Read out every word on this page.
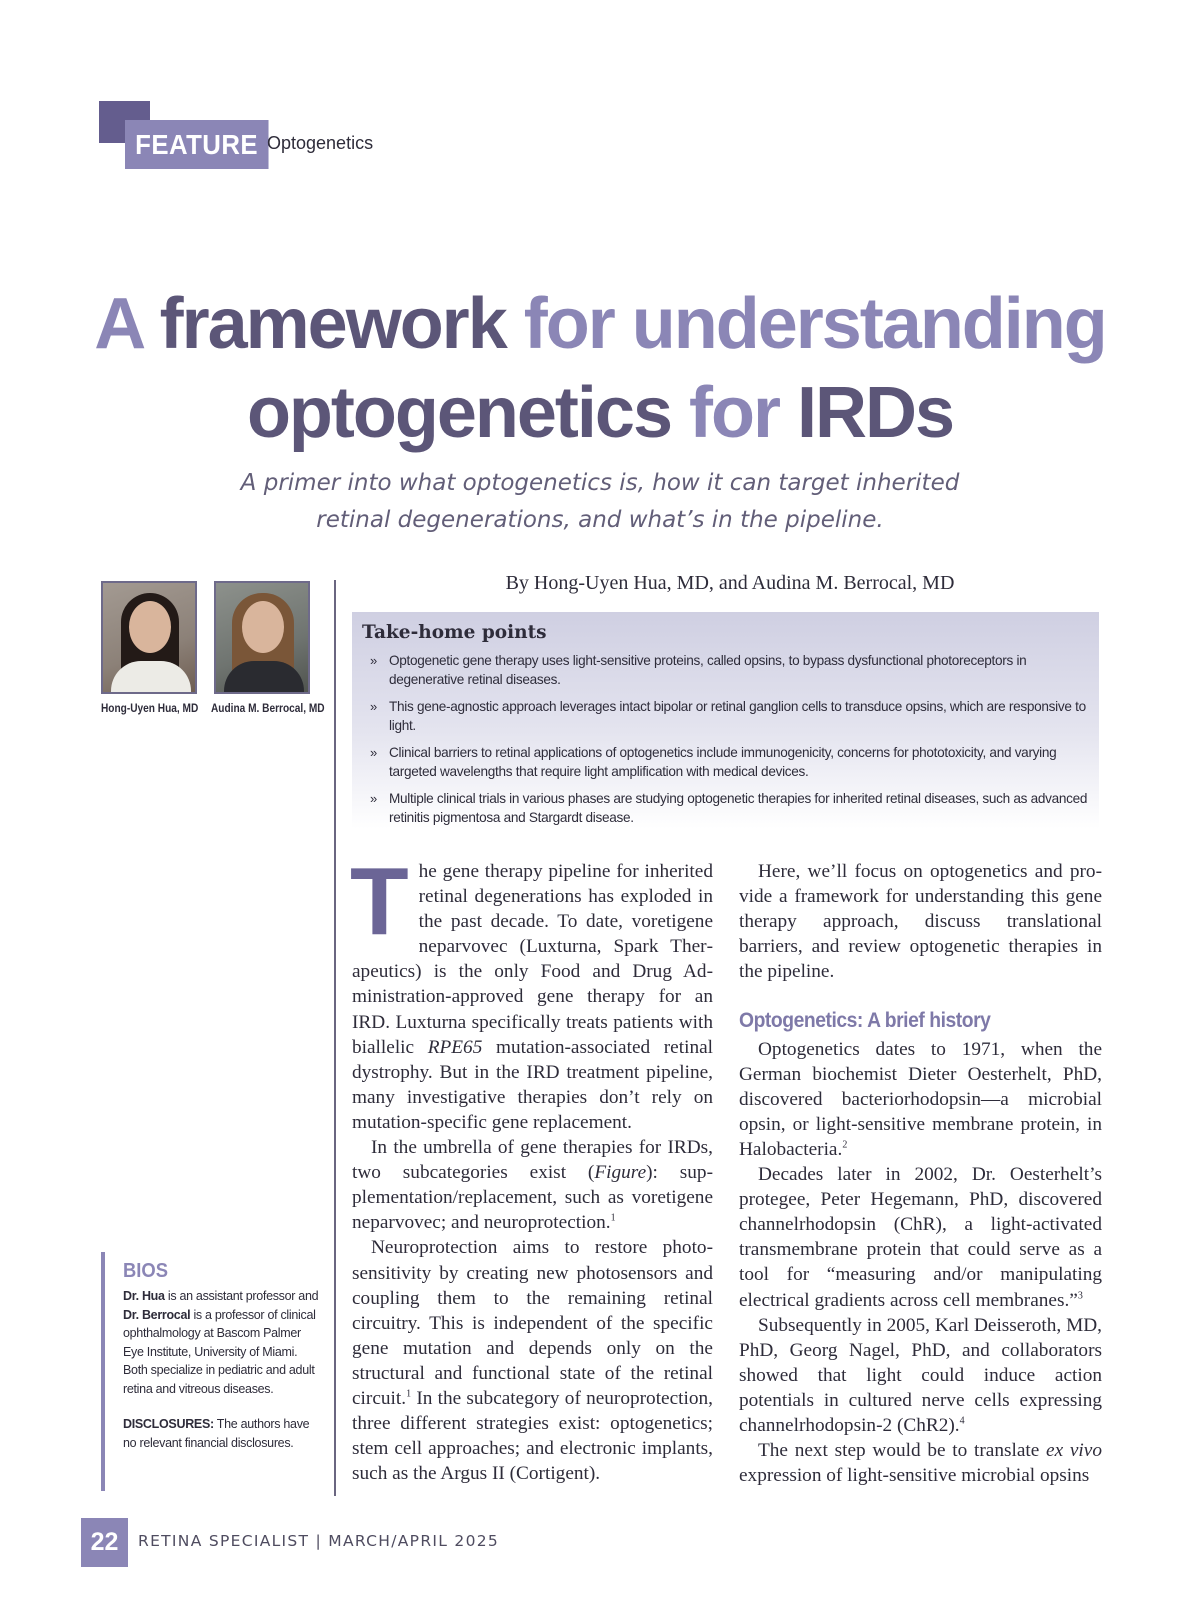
FEATURE Optogenetics
A framework for understanding
optogenetics for IRDs
A primer into what optogenetics is, how it can target inherited
retinal degenerations, and what’s in the pipeline.
By Hong-Uyen Hua, MD, and Audina M. Berrocal, MD
Hong-Uyen Hua, MD Audina M. Berrocal, MD
Take-home points
» Optogenetic gene therapy uses light-sensitive proteins, called opsins, to bypass dysfunctional photoreceptors in degenerative retinal diseases.
» This gene-agnostic approach leverages intact bipolar or retinal ganglion cells to transduce opsins, which are responsive to light.
» Clinical barriers to retinal applications of optogenetics include immunogenicity, concerns for phototoxicity, and varying targeted wavelengths that require light amplification with medical devices.
» Multiple clinical trials in various phases are studying optogenetic therapies for inherited retinal diseases, such as advanced retinitis pigmentosa and Stargardt disease.

The gene therapy pipeline for inherited retinal degenerations has exploded in the past decade. To date, voretigene neparvovec (Luxturna, Spark Therapeutics) is the only Food and Drug Administration-approved gene therapy for an IRD. Luxturna specifically treats patients with biallelic RPE65 mutation-associated retinal dystrophy. But in the IRD treatment pipeline, many investigative therapies don’t rely on mutation-specific gene replacement.

In the umbrella of gene therapies for IRDs, two subcategories exist (Figure): supplementation/replacement, such as voretigene neparvovec; and neuroprotection.$^1$

Neuroprotection aims to restore photosensitivity by creating new photosensors and coupling them to the remaining retinal circuitry. This is independent of the specific gene mutation and depends only on the structural and functional state of the retinal circuit.$^1$ In the subcategory of neuroprotection, three different strategies exist: optogenetics; stem cell approaches; and electronic implants, such as the Argus II (Cortigent).

Here, we’ll focus on optogenetics and provide a framework for understanding this gene therapy approach, discuss translational barriers, and review optogenetic therapies in the pipeline.

Optogenetics: A brief history

Optogenetics dates to 1971, when the German biochemist Dieter Oesterhelt, PhD, discovered bacteriorhodopsin—a microbial opsin, or light-sensitive membrane protein, in Halobacteria.$^2$

Decades later in 2002, Dr. Oesterhelt’s protegee, Peter Hegemann, PhD, discovered channelrhodopsin (ChR), a light-activated transmembrane protein that could serve as a tool for “measuring and/or manipulating electrical gradients across cell membranes.”$^3$

Subsequently in 2005, Karl Deisseroth, MD, PhD, Georg Nagel, PhD, and collaborators showed that light could induce action potentials in cultured nerve cells expressing channelrhodopsin-2 (ChR2).$^4$

The next step would be to translate ex vivo expression of light-sensitive microbial opsins

BIOS

Dr. Hua is an assistant professor and Dr. Berrocal is a professor of clinical ophthalmology at Bascom Palmer Eye Institute, University of Miami. Both specialize in pediatric and adult retina and vitreous diseases.

DISCLOSURES: The authors have no relevant financial disclosures.

22	RETINA SPECIALIST | MARCH/APRIL 2025
